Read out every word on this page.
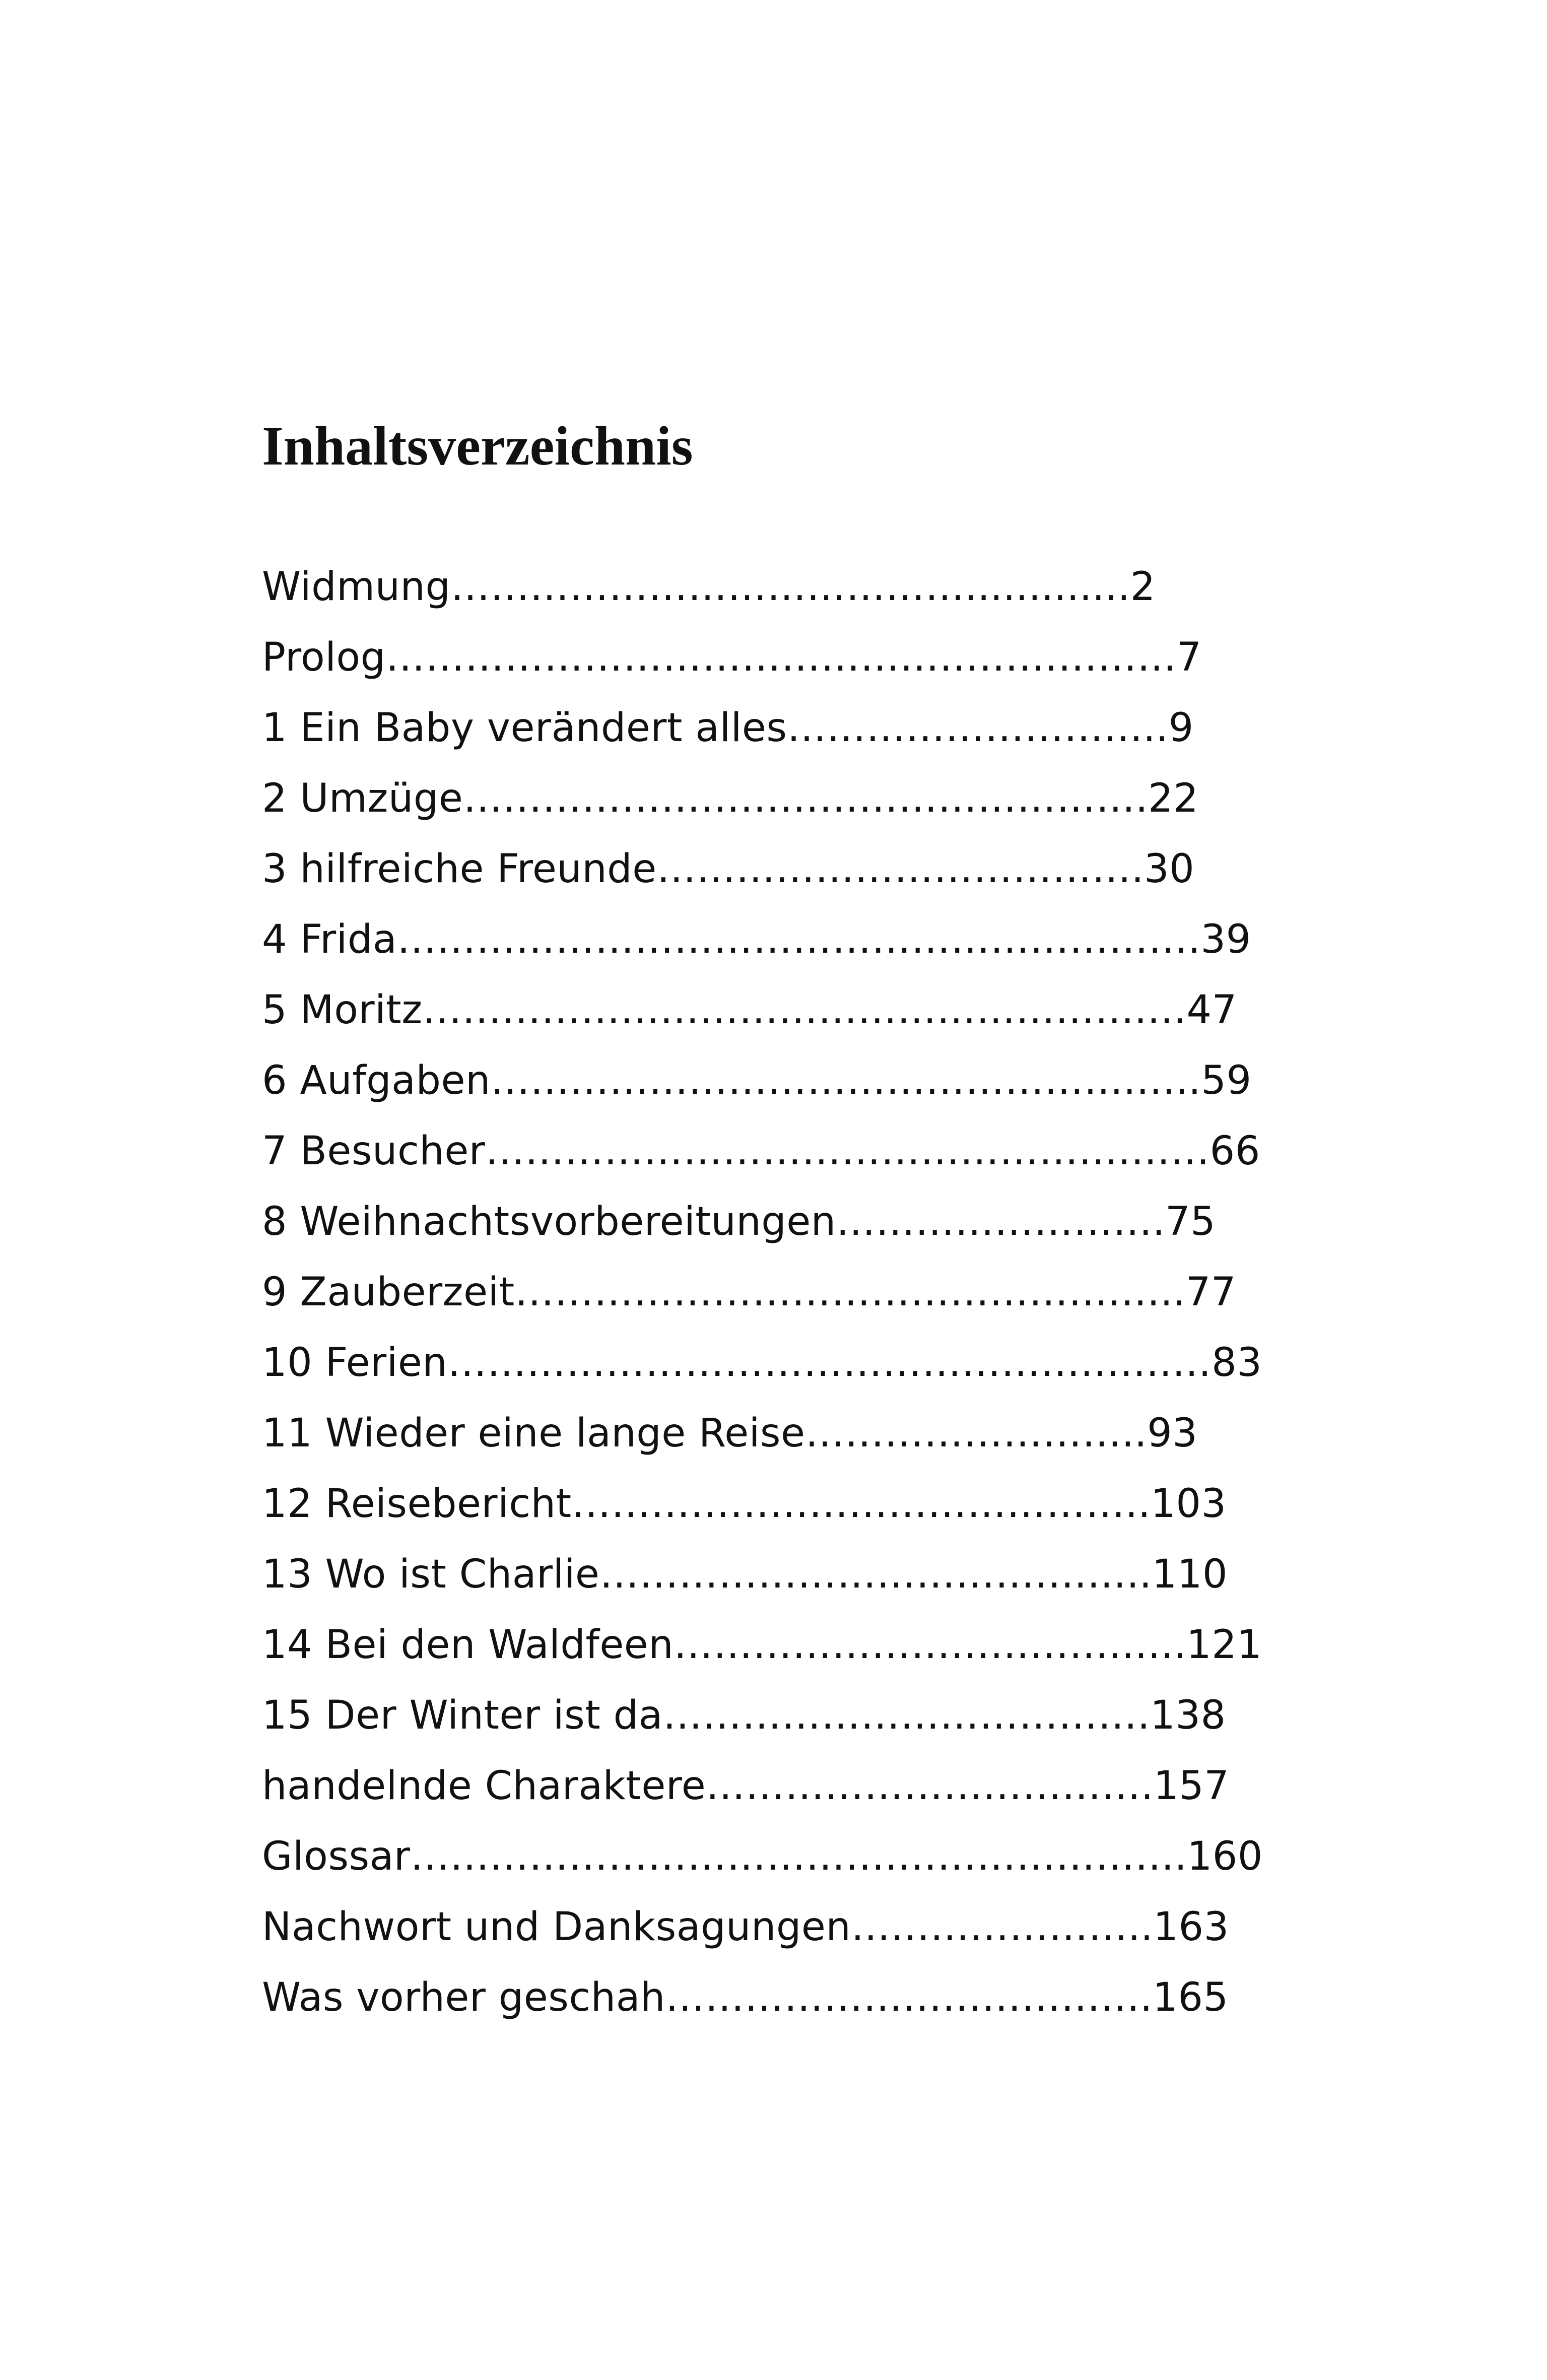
Inhaltsverzeichnis
Widmung………………………………….............2
Prolog……………………………………………………7
1 Ein Baby verändert alles………………………..9
2 Umzüge…………………………………………….22
3 hilfreiche Freunde……………………………….30
4 Frida…………………………………………………….39
5 Moritz……………………………………………….…47
6 Aufgaben………………………………………….…..59
7 Besucher………………………………………….……66
8 Weihnachtsvorbereitungen…………………….75
9 Zauberzeit……………………………………….…..77
10 Ferien……………………………………………….…83
11 Wieder eine lange Reise……………………..93
12 Reisebericht……………………………………..103
13 Wo ist Charlie……………………………….…..110
14 Bei den Waldfeen…………………………….…..121
15 Der Winter ist da……………………………….138
handelnde Charaktere…………………………….157
Glossar……………………………….………………….160
Nachwort und Danksagungen…………………..163
Was vorher geschah……………………………….165
